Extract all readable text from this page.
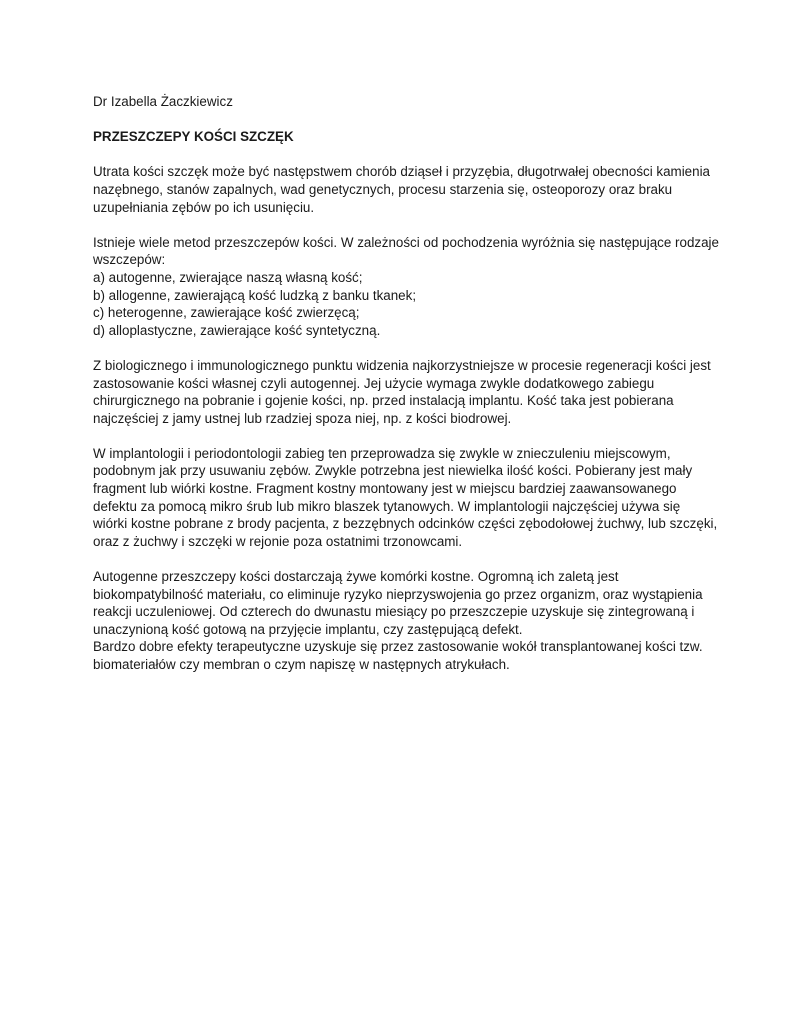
Dr Izabella Żaczkiewicz
PRZESZCZEPY KOŚCI SZCZĘK
Utrata kości szczęk może być następstwem chorób dziąseł i przyzębia, długotrwałej obecności kamienia
nazębnego, stanów zapalnych, wad genetycznych, procesu starzenia się, osteoporozy oraz braku
uzupełniania zębów po ich usunięciu.
Istnieje wiele metod przeszczepów kości. W zależności od pochodzenia wyróżnia się następujące rodzaje
wszczepów:
a) autogenne, zwierające naszą własną kość;
b) allogenne, zawierającą kość ludzką z banku tkanek;
c) heterogenne, zawierające kość zwierzęcą;
d) alloplastyczne, zawierające kość syntetyczną.
Z biologicznego i immunologicznego punktu widzenia najkorzystniejsze w procesie regeneracji kości jest
zastosowanie kości własnej czyli autogennej. Jej użycie wymaga zwykle dodatkowego zabiegu
chirurgicznego na pobranie i gojenie kości, np. przed instalacją implantu. Kość taka jest pobierana
najczęściej z jamy ustnej lub rzadziej spoza niej, np. z kości biodrowej.
W implantologii i periodontologii zabieg ten przeprowadza się zwykle w znieczuleniu miejscowym,
podobnym jak przy usuwaniu zębów. Zwykle potrzebna jest niewielka ilość kości. Pobierany jest mały
fragment lub wiórki kostne. Fragment kostny montowany jest w miejscu bardziej zaawansowanego
defektu za pomocą mikro śrub lub mikro blaszek tytanowych. W implantologii najczęściej używa się
wiórki kostne pobrane z brody pacjenta, z bezzębnych odcinków części zębodołowej żuchwy, lub szczęki,
oraz z żuchwy i szczęki w rejonie poza ostatnimi trzonowcami.
Autogenne przeszczepy kości dostarczają żywe komórki kostne. Ogromną ich zaletą jest
biokompatybilność materiału, co eliminuje ryzyko nieprzyswojenia go przez organizm, oraz wystąpienia
reakcji uczuleniowej. Od czterech do dwunastu miesiący po przeszczepie uzyskuje się zintegrowaną i
unaczynioną kość gotową na przyjęcie implantu, czy zastępującą defekt.
Bardzo dobre efekty terapeutyczne uzyskuje się przez zastosowanie wokół transplantowanej kości tzw.
biomateriałów czy membran o czym napiszę w następnych atrykułach.
